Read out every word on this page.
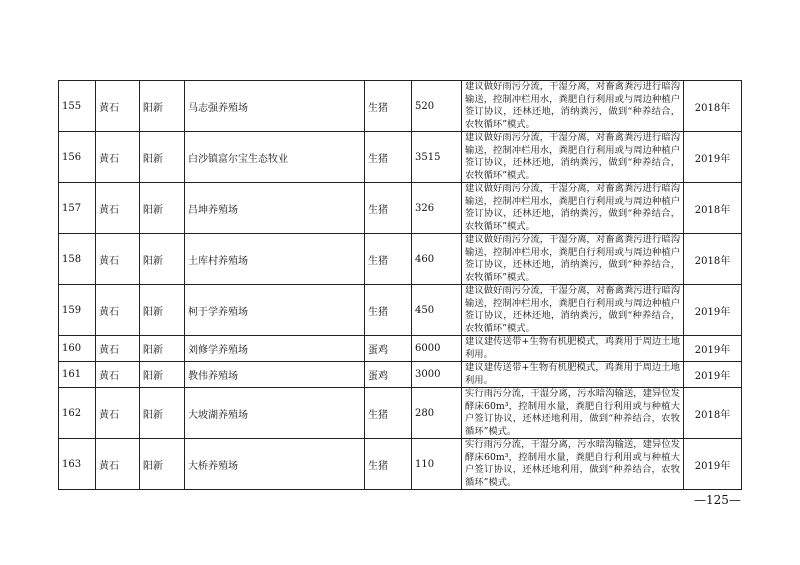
155	黄石	阳新	马志强养殖场	生猪	520	建议做好雨污分流，干湿分离，对畜禽粪污进行暗沟输送，控制冲栏用水，粪肥自行利用或与周边种植户签订协议，还林还地，消纳粪污，做到“种养结合，农牧循环”模式。	2018年
156	黄石	阳新	白沙镇富尔宝生态牧业	生猪	3515	建议做好雨污分流，干湿分离，对畜禽粪污进行暗沟输送，控制冲栏用水，粪肥自行利用或与周边种植户签订协议，还林还地，消纳粪污，做到“种养结合，农牧循环”模式。	2019年
157	黄石	阳新	吕坤养殖场	生猪	326	建议做好雨污分流，干湿分离，对畜禽粪污进行暗沟输送，控制冲栏用水，粪肥自行利用或与周边种植户签订协议，还林还地，消纳粪污，做到“种养结合，农牧循环”模式。	2018年
158	黄石	阳新	土库村养殖场	生猪	460	建议做好雨污分流，干湿分离，对畜禽粪污进行暗沟输送，控制冲栏用水，粪肥自行利用或与周边种植户签订协议，还林还地，消纳粪污，做到“种养结合，农牧循环”模式。	2018年
159	黄石	阳新	柯于学养殖场	生猪	450	建议做好雨污分流，干湿分离，对畜禽粪污进行暗沟输送，控制冲栏用水，粪肥自行利用或与周边种植户签订协议，还林还地，消纳粪污，做到“种养结合，农牧循环”模式。	2019年
160	黄石	阳新	刘修学养殖场	蛋鸡	6000	建议建传送带+生物有机肥模式，鸡粪用于周边土地利用。	2019年
161	黄石	阳新	教伟养殖场	蛋鸡	3000	建议建传送带+生物有机肥模式，鸡粪用于周边土地利用。	2019年
162	黄石	阳新	大坡湖养殖场	生猪	280	实行雨污分流，干湿分离，污水暗沟输送，建异位发酵床60m³，控制用水量，粪肥自行利用或与种植大户签订协议，还林还地利用，做到“种养结合，农牧循环”模式。	2018年
163	黄石	阳新	大桥养殖场	生猪	110	实行雨污分流，干湿分离，污水暗沟输送，建异位发酵床60m³，控制用水量，粪肥自行利用或与种植大户签订协议，还林还地利用，做到“种养结合，农牧循环”模式。	2019年
—125—
